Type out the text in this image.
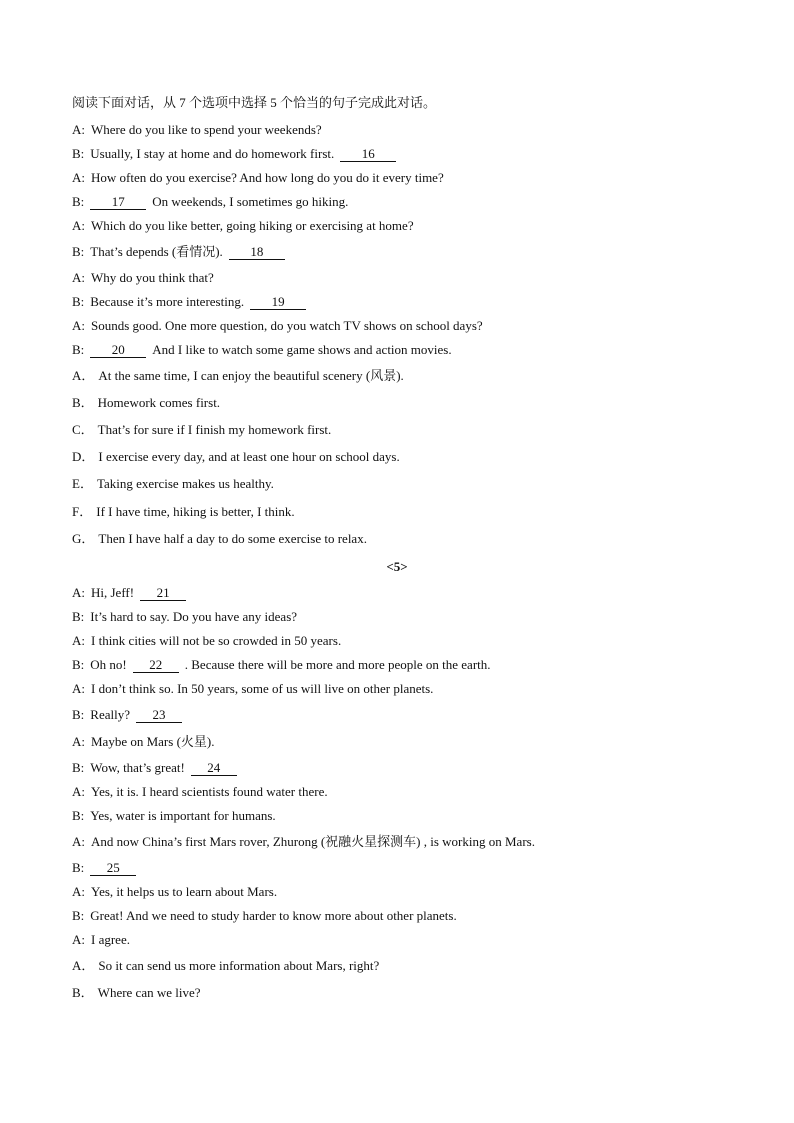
阅读下面对话，从 7 个选项中选择 5 个恰当的句子完成此对话。
A: Where do you like to spend your weekends?
B: Usually, I stay at home and do homework first. 16
A: How often do you exercise? And how long do you do it every time?
B: 17 On weekends, I sometimes go hiking.
A: Which do you like better, going hiking or exercising at home?
B: That’s depends (看情况). 18
A: Why do you think that?
B: Because it’s more interesting. 19
A: Sounds good. One more question, do you watch TV shows on school days?
B: 20 And I like to watch some game shows and action movies.
A． At the same time, I can enjoy the beautiful scenery (风景).
B． Homework comes first.
C． That’s for sure if I finish my homework first.
D． I exercise every day, and at least one hour on school days.
E． Taking exercise makes us healthy.
F． If I have time, hiking is better, I think.
G． Then I have half a day to do some exercise to relax.
<5>
A: Hi, Jeff! 21
B: It’s hard to say. Do you have any ideas?
A: I think cities will not be so crowded in 50 years.
B: Oh no! 22 . Because there will be more and more people on the earth.
A: I don’t think so. In 50 years, some of us will live on other planets.
B: Really? 23
A: Maybe on Mars (火星).
B: Wow, that’s great! 24
A: Yes, it is. I heard scientists found water there.
B: Yes, water is important for humans.
A: And now China’s first Mars rover, Zhurong (祝融火星探测车) , is working on Mars.
B: 25
A: Yes, it helps us to learn about Mars.
B: Great! And we need to study harder to know more about other planets.
A: I agree.
A． So it can send us more information about Mars, right?
B． Where can we live?
